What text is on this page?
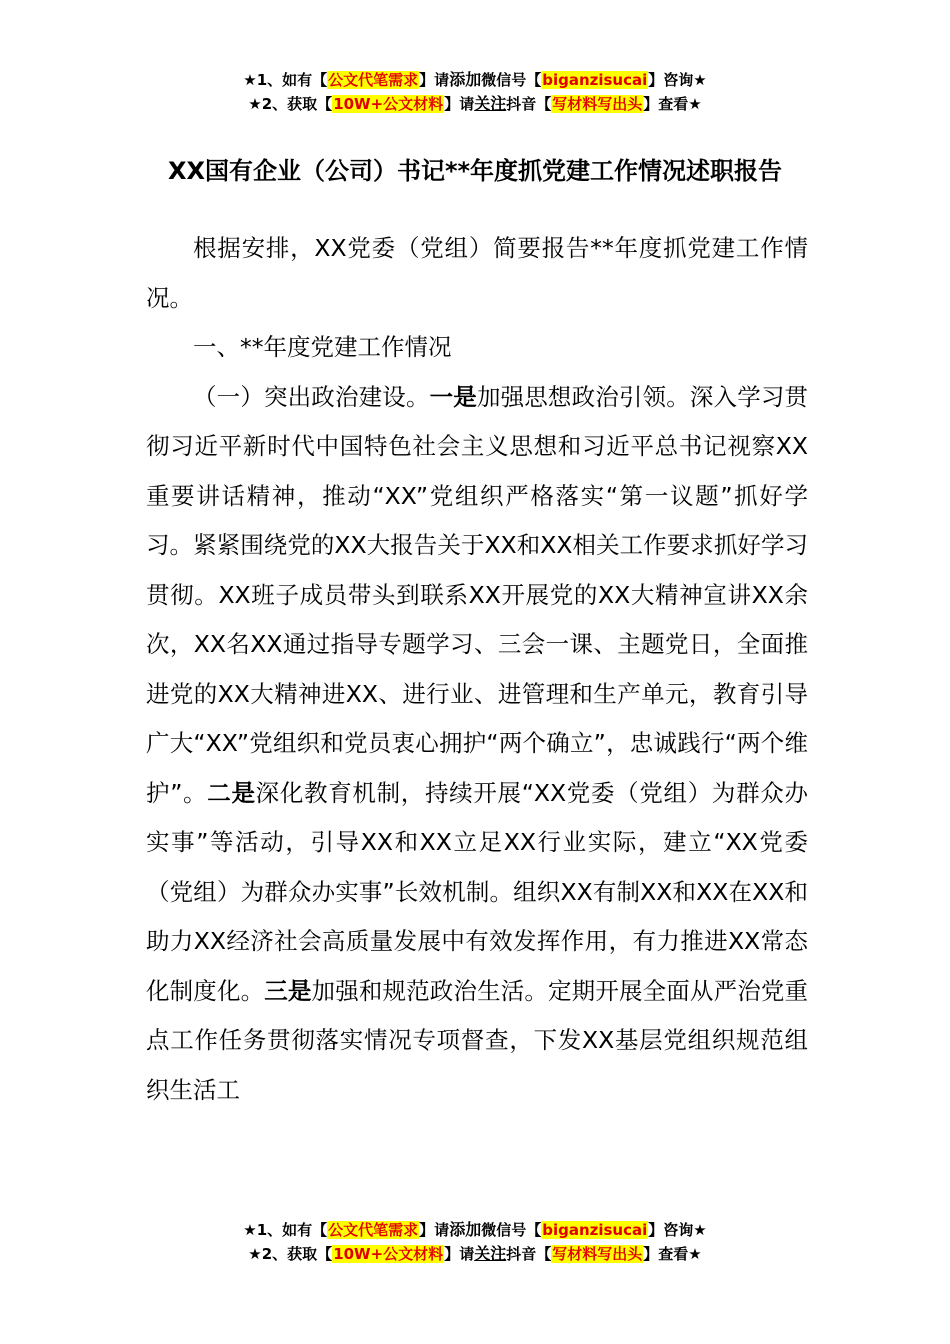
★1、如有【公文代笔需求】请添加微信号【biganzisucai】咨询★
★2、获取【10W+公文材料】请关注抖音【写材料写出头】查看★
XX国有企业（公司）书记**年度抓党建工作情况述职报告

根据安排，XX党委（党组）简要报告**年度抓党建工作情况。

一、**年度党建工作情况

（一）突出政治建设。一是加强思想政治引领。深入学习贯彻习近平新时代中国特色社会主义思想和习近平总书记视察XX重要讲话精神，推动“XX”党组织严格落实“第一议题”抓好学习。紧紧围绕党的XX大报告关于XX和XX相关工作要求抓好学习贯彻。XX班子成员带头到联系XX开展党的XX大精神宣讲XX余次，XX名XX通过指导专题学习、三会一课、主题党日，全面推进党的XX大精神进XX、进行业、进管理和生产单元，教育引导广大“XX”党组织和党员衷心拥护“两个确立”，忠诚践行“两个维护”。二是深化教育机制，持续开展“XX党委（党组）为群众办实事”等活动，引导XX和XX立足XX行业实际，建立“XX党委（党组）为群众办实事”长效机制。组织XX有制XX和XX在XX和助力XX经济社会高质量发展中有效发挥作用，有力推进XX常态化制度化。三是加强和规范政治生活。定期开展全面从严治党重点工作任务贯彻落实情况专项督查，下发XX基层党组织规范组织生活工

★1、如有【公文代笔需求】请添加微信号【biganzisucai】咨询★
★2、获取【10W+公文材料】请关注抖音【写材料写出头】查看★
